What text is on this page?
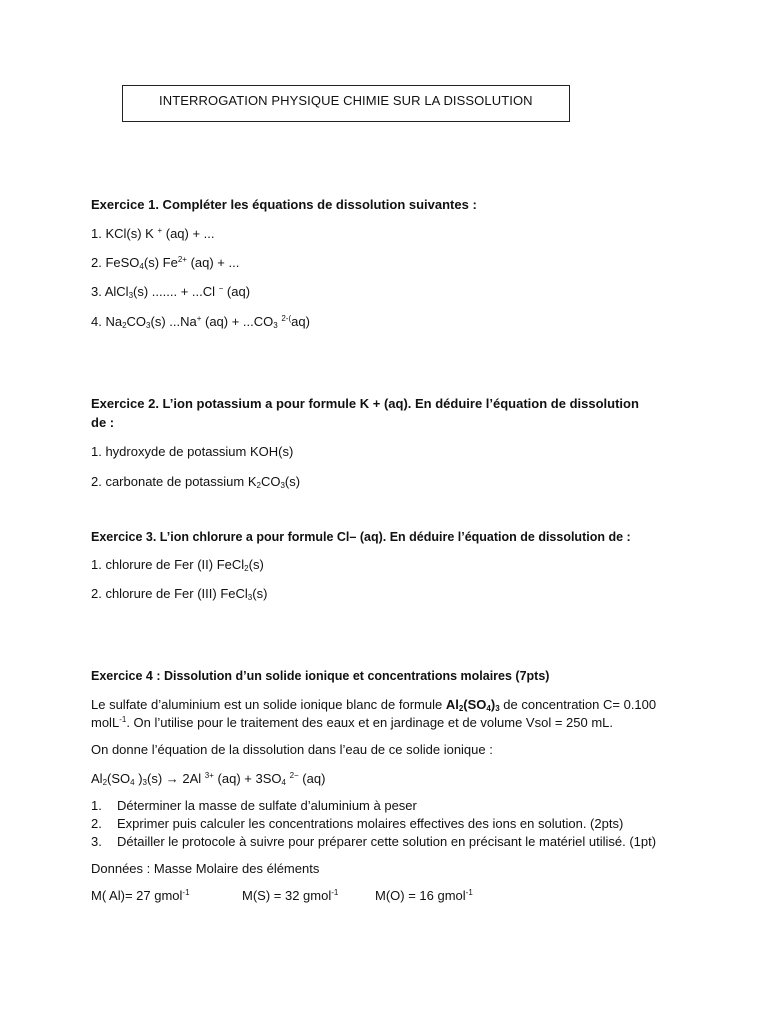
INTERROGATION PHYSIQUE CHIMIE SUR LA DISSOLUTION
Exercice 1. Compléter les équations de dissolution suivantes :
1. KCl(s) K + (aq) + ...
2. FeSO$_4$(s) $Fe^{2+}$ (aq) + ...
3. AlCl$_3$(s) ....... + ...Cl − (aq)
4. $Na_2CO_3(s)$ ...Na+ $(aq) + ...CO_3$ $^{2-(}$aq)
Exercice 2. L’ion potassium a pour formule K + (aq). En déduire l’équation de dissolution
de :
1. hydroxyde de potassium KOH(s)
2. carbonate de potassium $K_2CO_3(s)$
Exercice 3. L’ion chlorure a pour formule Cl– (aq). En déduire l’équation de dissolution de :
1. chlorure de Fer (II) FeCl$_2$(s)
2. chlorure de Fer (III) FeCl$_3$(s)
Exercice 4 : Dissolution d’un solide ionique et concentrations molaires (7pts)
Le sulfate d’aluminium est un solide ionique blanc de formule $Al_2(SO_4)_3$ de concentration C= 0.100
molL$^{-1}$. On l’utilise pour le traitement des eaux et en jardinage et de volume Vsol = 250 mL.
On donne l’équation de la dissolution dans l’eau de ce solide ionique :
$Al_2(SO_4$ )$_3(s) \to 2Al$ $^{3+}$ $(aq) + 3SO_4$ $^{2-}$ (aq)
1. Déterminer la masse de sulfate d’aluminium à peser
2. Exprimer puis calculer les concentrations molaires effectives des ions en solution. (2pts)
3. Détailler le protocole à suivre pour préparer cette solution en précisant le matériel utilisé. (1pt)
Données : Masse Molaire des éléments
M( Al)= 27 gmol$^{-1}$	M(S) = 32 gmol$^{-1}$	M(O) = 16 gmol$^{-1}$
